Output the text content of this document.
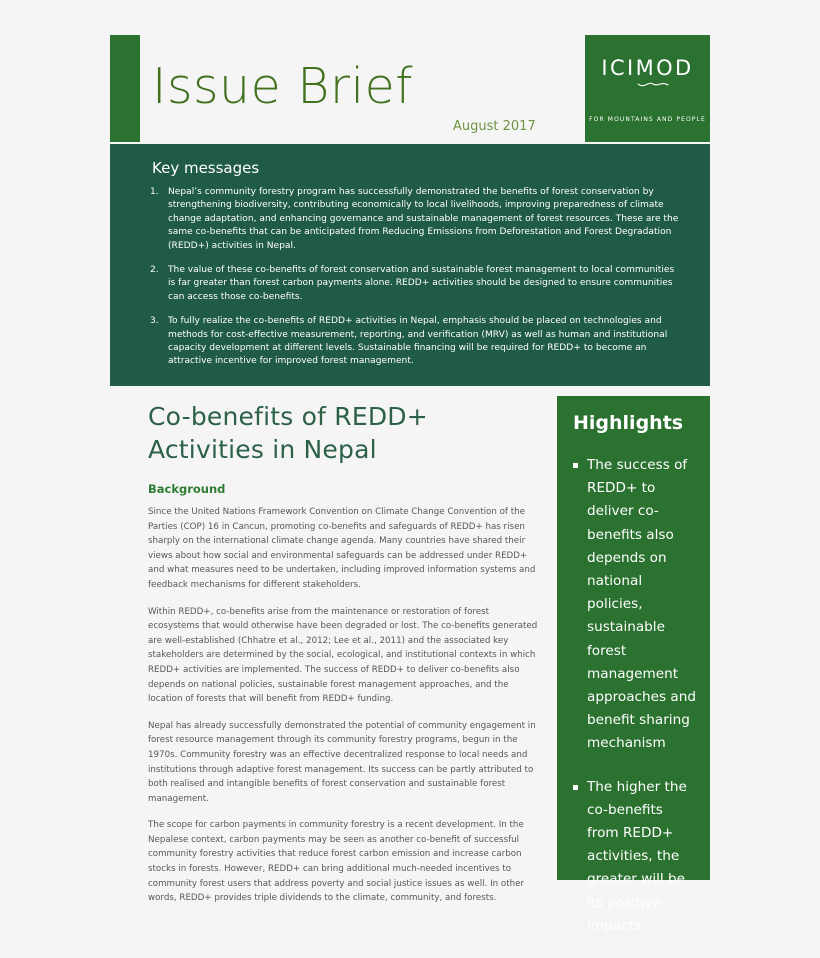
Issue Brief
August 2017
ICIMOD
FOR MOUNTAINS AND PEOPLE
Key messages
1. Nepal’s community forestry program has successfully demonstrated the benefits of forest conservation by strengthening biodiversity, contributing economically to local livelihoods, improving preparedness of climate change adaptation, and enhancing governance and sustainable management of forest resources. These are the same co-benefits that can be anticipated from Reducing Emissions from Deforestation and Forest Degradation (REDD+) activities in Nepal.
2. The value of these co-benefits of forest conservation and sustainable forest management to local communities is far greater than forest carbon payments alone. REDD+ activities should be designed to ensure communities can access those co-benefits.
3. To fully realize the co-benefits of REDD+ activities in Nepal, emphasis should be placed on technologies and methods for cost-effective measurement, reporting, and verification (MRV) as well as human and institutional capacity development at different levels. Sustainable financing will be required for REDD+ to become an attractive incentive for improved forest management.
Co-benefits of REDD+ Activities in Nepal
Background

Since the United Nations Framework Convention on Climate Change Convention of the Parties (COP) 16 in Cancun, promoting co-benefits and safeguards of REDD+ has risen sharply on the international climate change agenda. Many countries have shared their views about how social and environmental safeguards can be addressed under REDD+ and what measures need to be undertaken, including improved information systems and feedback mechanisms for different stakeholders.

Within REDD+, co-benefits arise from the maintenance or restoration of forest ecosystems that would otherwise have been degraded or lost. The co-benefits generated are well-established (Chhatre et al., 2012; Lee et al., 2011) and the associated key stakeholders are determined by the social, ecological, and institutional contexts in which REDD+ activities are implemented. The success of REDD+ to deliver co-benefits also depends on national policies, sustainable forest management approaches, and the location of forests that will benefit from REDD+ funding.

Nepal has already successfully demonstrated the potential of community engagement in forest resource management through its community forestry programs, begun in the 1970s. Community forestry was an effective decentralized response to local needs and institutions through adaptive forest management. Its success can be partly attributed to both realised and intangible benefits of forest conservation and sustainable forest management.

The scope for carbon payments in community forestry is a recent development. In the Nepalese context, carbon payments may be seen as another co-benefit of successful community forestry activities that reduce forest carbon emission and increase carbon stocks in forests. However, REDD+ can bring additional much-needed incentives to community forest users that address poverty and social justice issues as well. In other words, REDD+ provides triple dividends to the climate, community, and forests.

Highlights
The success of REDD+ to deliver co-benefits also depends on national policies, sustainable forest management approaches and benefit sharing mechanism
The higher the co-benefits from REDD+ activities, the greater will be its positive impacts.
